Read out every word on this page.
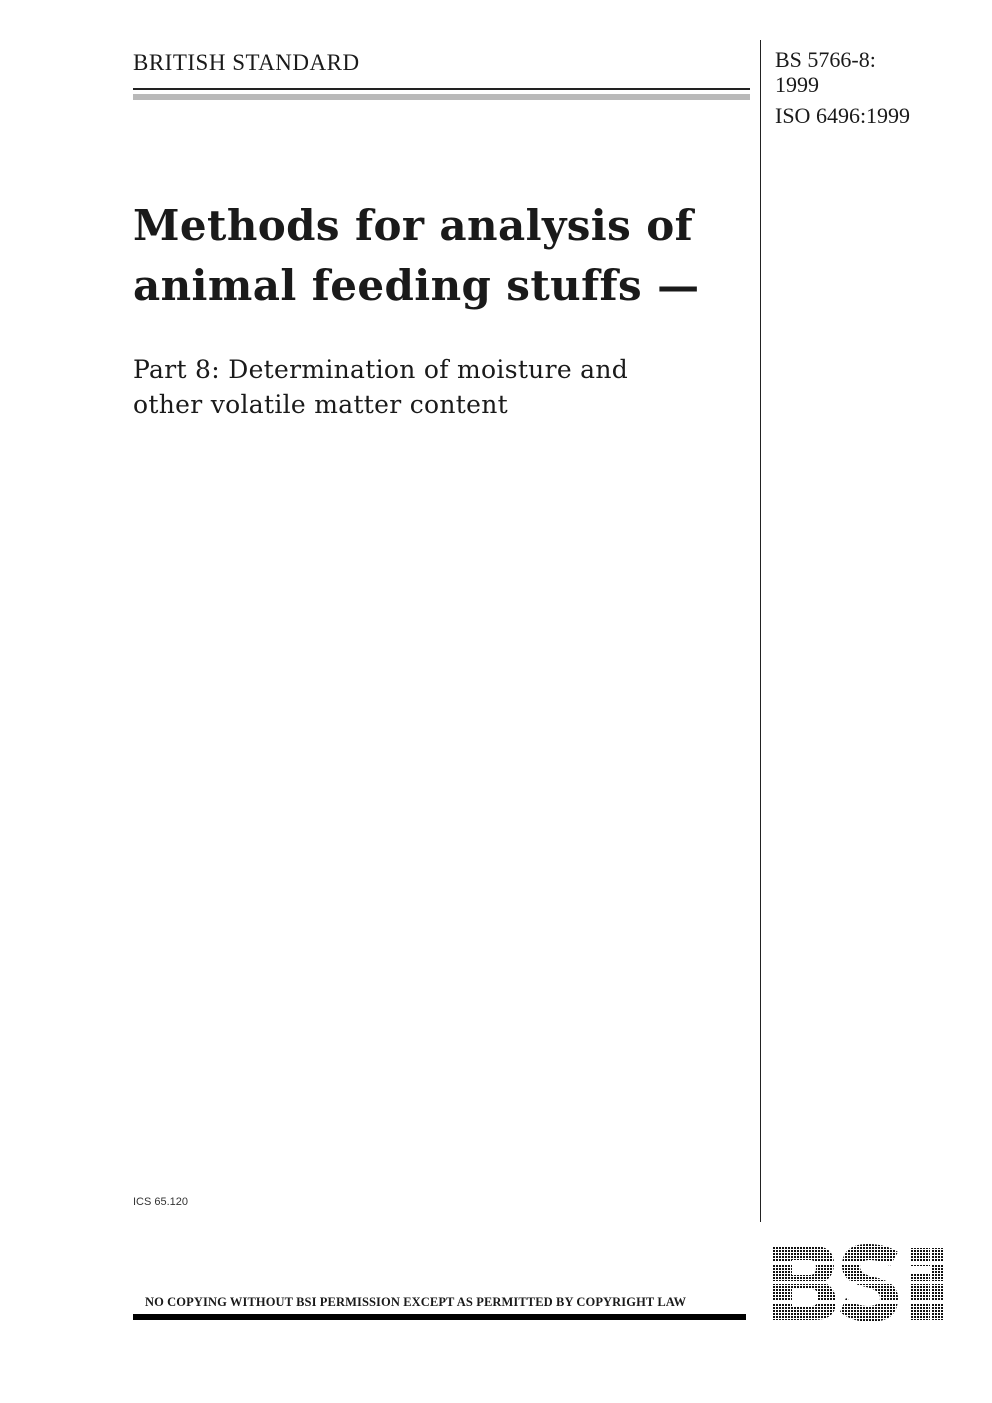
BRITISH STANDARD	BS 5766-8:
1999
ISO 6496:1999
Methods for analysis of
animal feeding stuffs —
Part 8: Determination of moisture and
other volatile matter content
ICS 65.120
NO COPYING WITHOUT BSI PERMISSION EXCEPT AS PERMITTED BY COPYRIGHT LAW
